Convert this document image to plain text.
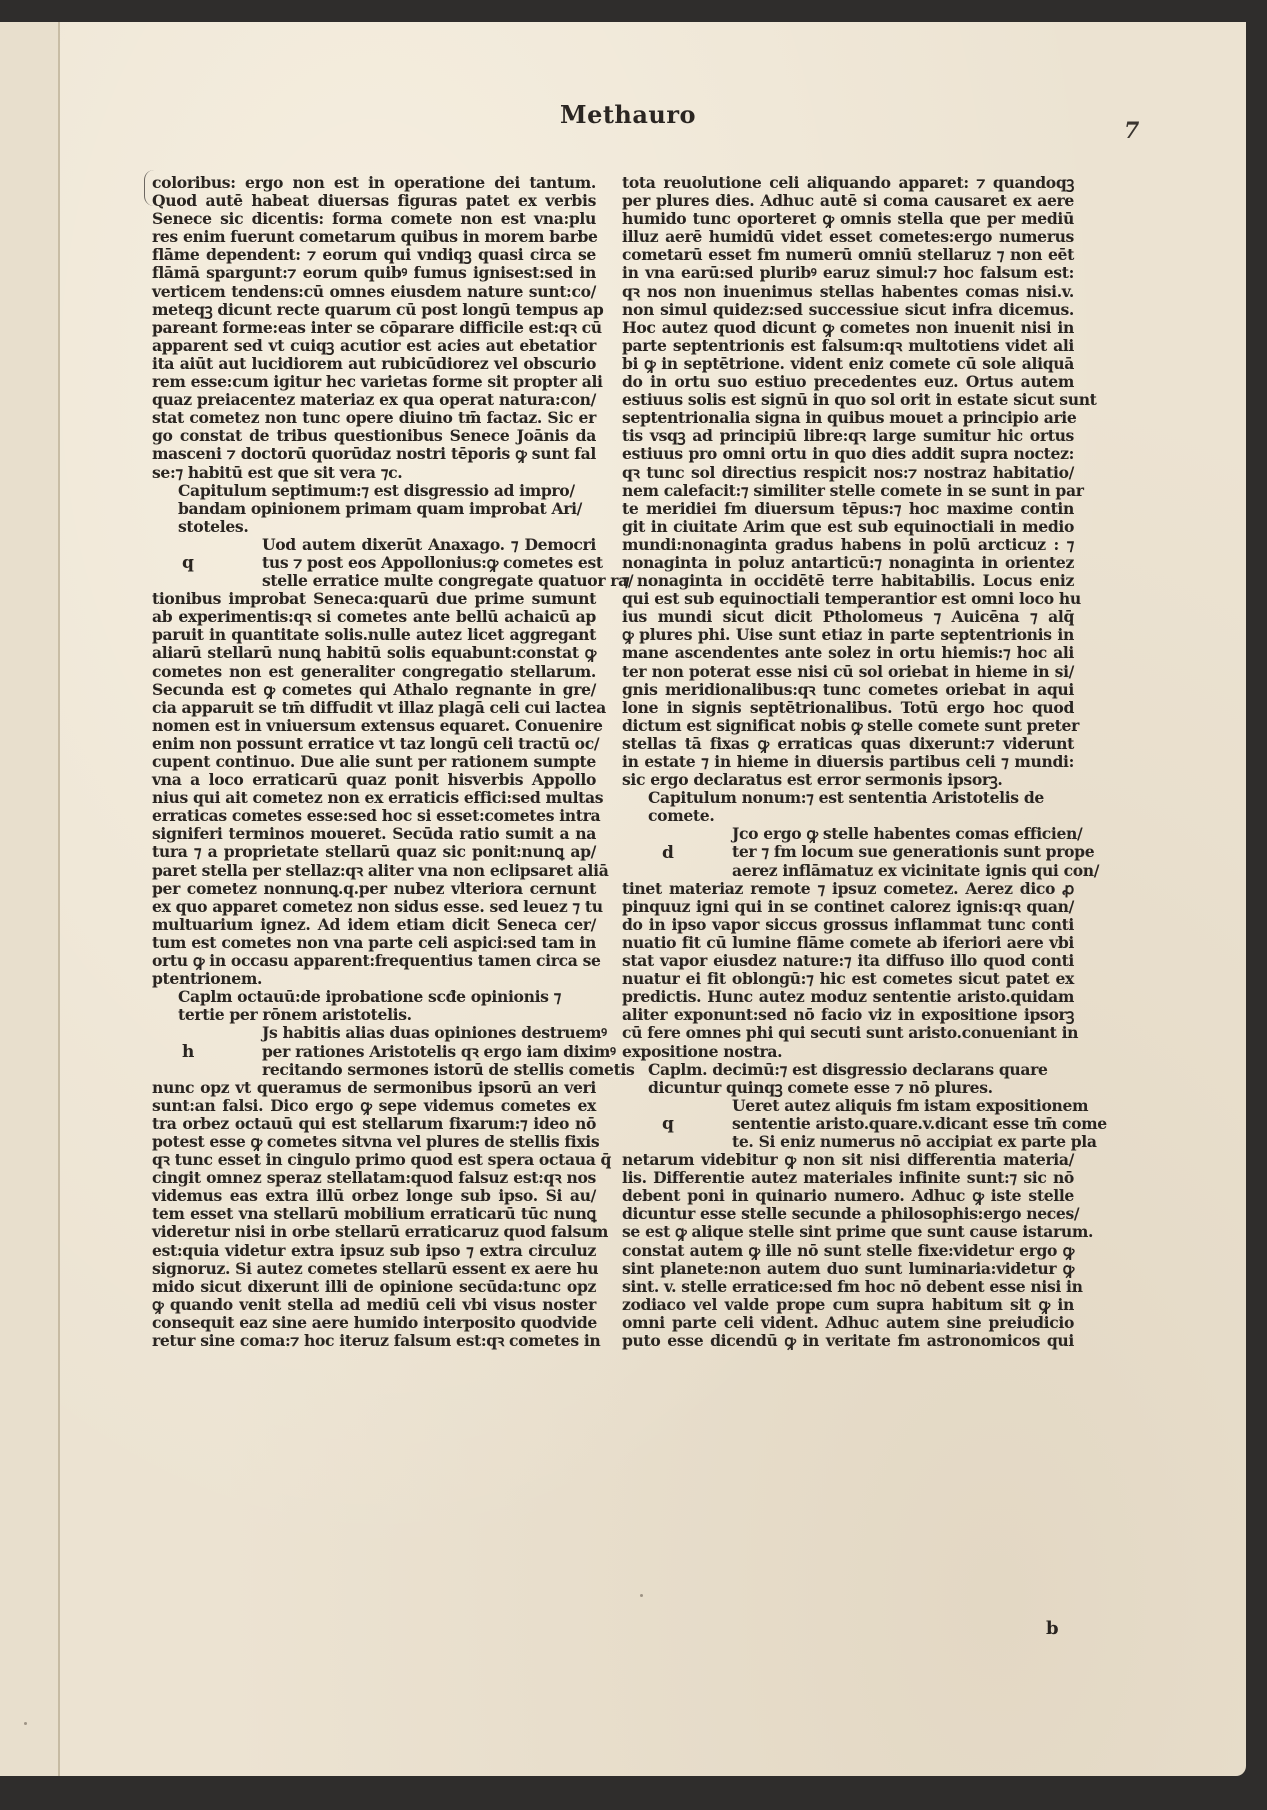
Methauro
7
coloribus: ergo non est in operatione dei tantum.
Quod autē habeat diuersas figuras patet ex verbis
Senece sic dicentis: forma comete non est vna:plu
res enim fuerunt cometarum quibus in morem barbe
flāme dependent: ⁊ eorum qui vndiqꝫ quasi circa se
flāmā spargunt:⁊ eorum quibꝰ fumus ignisest:sed in
verticem tendens:cū omnes eiusdem nature sunt:co/
meteqꝫ dicunt recte quarum cū post longū tempus ap
pareant forme:eas inter se cōparare difficile est:qꝛ cū
apparent sed vt cuiqꝫ acutior est acies aut ebetatior
ita aiūt aut lucidiorem aut rubicūdiorez vel obscurio
rem esse:cum igitur hec varietas forme sit propter ali
quaz preiacentez materiaz ex qua operat natura:con/
stat cometez non tunc opere diuino tm̄ factaz. Sic er
go constat de tribus questionibus Senece Joānis da
masceni ⁊ doctorū quorūdaz nostri tēporis ꝙ sunt fal
se:⁊ habitū est que sit vera ⁊c.
Capitulum septimum:⁊ est disgressio ad impro/
bandam opinionem primam quam improbat Ari/
stoteles.
Uod autem dixerūt Anaxago. ⁊ Democri
tus ⁊ post eos Appollonius:ꝙ cometes est
stelle erratice multe congregate quatuor ra/
tionibus improbat Seneca:quarū due prime sumunt
ab experimentis:qꝛ si cometes ante bellū achaicū ap
paruit in quantitate solis.nulle autez licet aggregant
aliarū stellarū nunꝗ habitū solis equabunt:constat ꝙ
cometes non est generaliter congregatio stellarum.
Secunda est ꝙ cometes qui Athalo regnante in gre/
cia apparuit se tm̄ diffudit vt illaz plagā celi cui lactea
nomen est in vniuersum extensus equaret. Conuenire
enim non possunt erratice vt taz longū celi tractū oc/
cupent continuo. Due alie sunt per rationem sumpte
vna a loco erraticarū quaz ponit hisverbis Appollo
nius qui ait cometez non ex erraticis effici:sed multas
erraticas cometes esse:sed hoc si esset:cometes intra
signiferi terminos moueret. Secūda ratio sumit a na
tura ⁊ a proprietate stellarū quaz sic ponit:nunꝗ ap/
paret stella per stellaz:qꝛ aliter vna non eclipsaret aliā
per cometez nonnunꝗ.q.per nubez vlteriora cernunt
ex quo apparet cometez non sidus esse. sed leuez ⁊ tu
multuarium ignez. Ad idem etiam dicit Seneca cer/
tum est cometes non vna parte celi aspici:sed tam in
ortu ꝙ in occasu apparent:frequentius tamen circa se
ptentrionem.
Caplm octauū:de iprobatione scđe opinionis ⁊
tertie per rōnem aristotelis.
Js habitis alias duas opiniones destruemꝰ
per rationes Aristotelis qꝛ ergo iam diximꝰ
recitando sermones istorū de stellis cometis
nunc opz vt queramus de sermonibus ipsorū an veri
sunt:an falsi. Dico ergo ꝙ sepe videmus cometes ex
tra orbez octauū qui est stellarum fixarum:⁊ ideo nō
potest esse ꝙ cometes sitvna vel plures de stellis fixis
qꝛ tunc esset in cingulo primo quod est spera octaua q̄
cingit omnez speraz stellatam:quod falsuz est:qꝛ nos
videmus eas extra illū orbez longe sub ipso. Si au/
tem esset vna stellarū mobilium erraticarū tūc nunꝗ
videretur nisi in orbe stellarū erraticaruz quod falsum
est:quia videtur extra ipsuz sub ipso ⁊ extra circuluz
signoruz. Si autez cometes stellarū essent ex aere hu
mido sicut dixerunt illi de opinione secūda:tunc opz
ꝙ quando venit stella ad mediū celi vbi visus noster
consequit eaz sine aere humido interposito quodvide
retur sine coma:⁊ hoc iteruz falsum est:qꝛ cometes in
tota reuolutione celi aliquando apparet: ⁊ quandoqꝫ
per plures dies. Adhuc autē si coma causaret ex aere
humido tunc oporteret ꝙ omnis stella que per mediū
illuz aerē humidū videt esset cometes:ergo numerus
cometarū esset fm numerū omniū stellaruz ⁊ non eēt
in vna earū:sed pluribꝰ earuz simul:⁊ hoc falsum est:
qꝛ nos non inuenimus stellas habentes comas nisi.v.
non simul quidez:sed successiue sicut infra dicemus.
Hoc autez quod dicunt ꝙ cometes non inuenit nisi in
parte septentrionis est falsum:qꝛ multotiens videt ali
bi ꝙ in septētrione. vident eniz comete cū sole aliquā
do in ortu suo estiuo precedentes euz. Ortus autem
estiuus solis est signū in quo sol orit in estate sicut sunt
septentrionalia signa in quibus mouet a principio arie
tis vsqꝫ ad principiū libre:qꝛ large sumitur hic ortus
estiuus pro omni ortu in quo dies addit supra noctez:
qꝛ tunc sol directius respicit nos:⁊ nostraz habitatio/
nem calefacit:⁊ similiter stelle comete in se sunt in par
te meridiei fm diuersum tēpus:⁊ hoc maxime contin
git in ciuitate Arim que est sub equinoctiali in medio
mundi:nonaginta gradus habens in polū arcticuz : ⁊
nonaginta in poluz antarticū:⁊ nonaginta in orientez
⁊ nonaginta in occidētē terre habitabilis. Locus eniz
qui est sub equinoctiali temperantior est omni loco hu
ius mundi sicut dicit Ptholomeus ⁊ Auicēna ⁊ alq̄
ꝙ plures phi. Uise sunt etiaz in parte septentrionis in
mane ascendentes ante solez in ortu hiemis:⁊ hoc ali
ter non poterat esse nisi cū sol oriebat in hieme in si/
gnis meridionalibus:qꝛ tunc cometes oriebat in aqui
lone in signis septētrionalibus. Totū ergo hoc quod
dictum est significat nobis ꝙ stelle comete sunt preter
stellas tā fixas ꝙ erraticas quas dixerunt:⁊ viderunt
in estate ⁊ in hieme in diuersis partibus celi ⁊ mundi:
sic ergo declaratus est error sermonis ipsorꝫ.
Capitulum nonum:⁊ est sententia Aristotelis de
comete.
Jco ergo ꝙ stelle habentes comas efficien/
ter ⁊ fm locum sue generationis sunt prope
aerez inflāmatuz ex vicinitate ignis qui con/
tinet materiaz remote ⁊ ipsuz cometez. Aerez dico ꝓ
pinquuz igni qui in se continet calorez ignis:qꝛ quan/
do in ipso vapor siccus grossus inflammat tunc conti
nuatio fit cū lumine flāme comete ab iferiori aere vbi
stat vapor eiusdez nature:⁊ ita diffuso illo quod conti
nuatur ei fit oblongū:⁊ hic est cometes sicut patet ex
predictis. Hunc autez moduz sententie aristo.quidam
aliter exponunt:sed nō facio viz in expositione ipsorꝫ
cū fere omnes phi qui secuti sunt aristo.conueniant in
expositione nostra.
Caplm. decimū:⁊ est disgressio declarans quare
dicuntur quinqꝫ comete esse ⁊ nō plures.
Ueret autez aliquis fm istam expositionem
sententie aristo.quare.v.dicant esse tm̄ come
te. Si eniz numerus nō accipiat ex parte pla
netarum videbitur ꝙ non sit nisi differentia materia/
lis. Differentie autez materiales infinite sunt:⁊ sic nō
debent poni in quinario numero. Adhuc ꝙ iste stelle
dicuntur esse stelle secunde a philosophis:ergo neces/
se est ꝙ alique stelle sint prime que sunt cause istarum.
constat autem ꝙ ille nō sunt stelle fixe:videtur ergo ꝙ
sint planete:non autem duo sunt luminaria:videtur ꝙ
sint. v. stelle erratice:sed fm hoc nō debent esse nisi in
zodiaco vel valde prope cum supra habitum sit ꝙ in
omni parte celi vident. Adhuc autem sine preiudicio
puto esse dicendū ꝙ in veritate fm astronomicos qui
b
q
h
d
q
